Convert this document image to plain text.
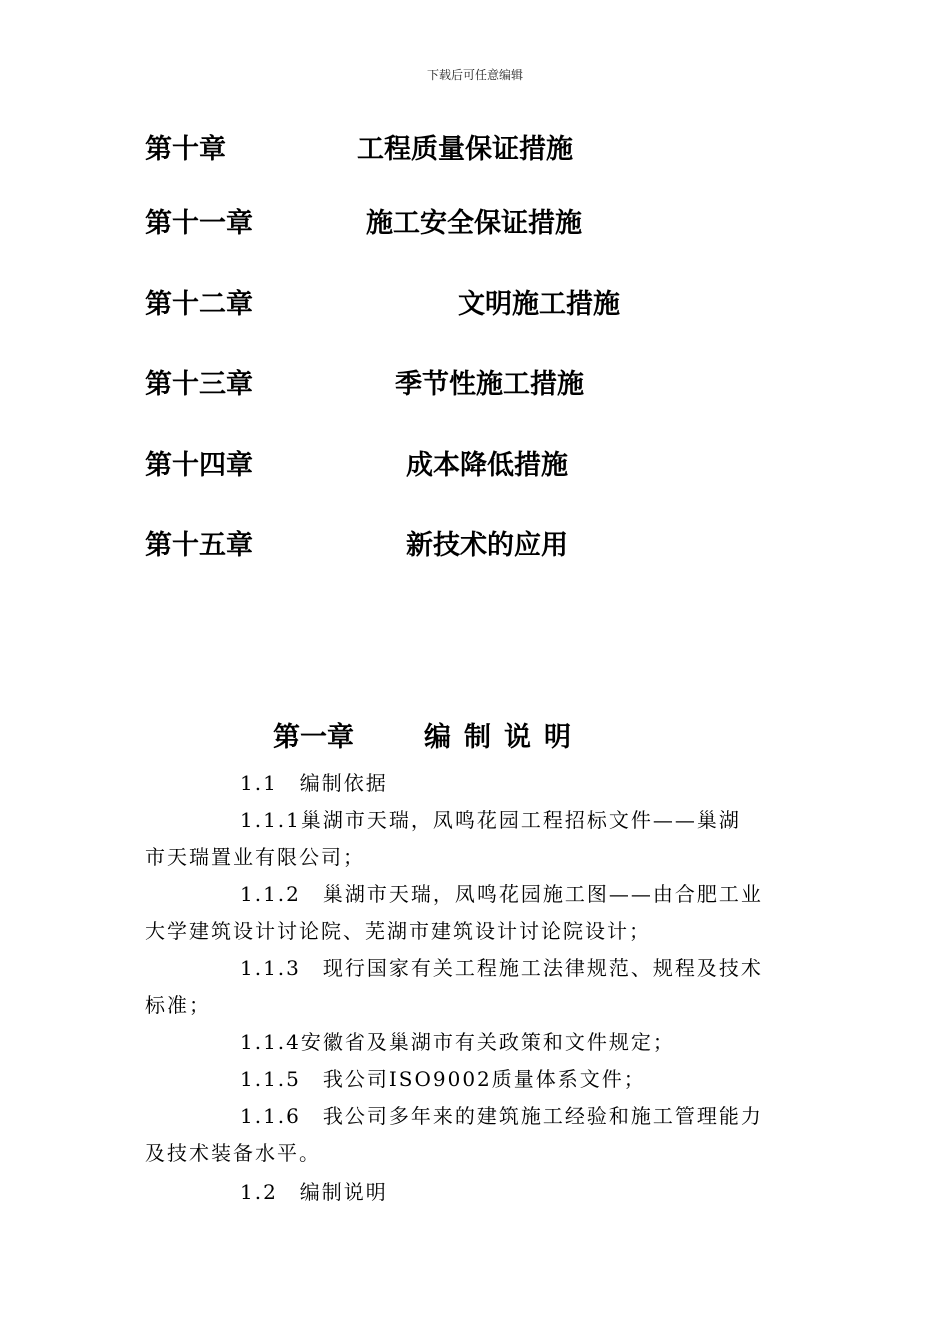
下载后可任意编辑
第十章	工程质量保证措施
第十一章	施工安全保证措施
第十二章	文明施工措施
第十三章	季节性施工措施
第十四章	成本降低措施
第十五章	新技术的应用
第一章	编制说明
1.1　编制依据
1.1.1巢湖市天瑞，凤鸣花园工程招标文件——巢湖
市天瑞置业有限公司；
1.1.2　巢湖市天瑞，凤鸣花园施工图——由合肥工业
大学建筑设计讨论院、芜湖市建筑设计讨论院设计；
1.1.3　现行国家有关工程施工法律规范、规程及技术
标准；
1.1.4安徽省及巢湖市有关政策和文件规定；
1.1.5　我公司ISO9002质量体系文件；
1.1.6　我公司多年来的建筑施工经验和施工管理能力
及技术装备水平。
1.2　编制说明
